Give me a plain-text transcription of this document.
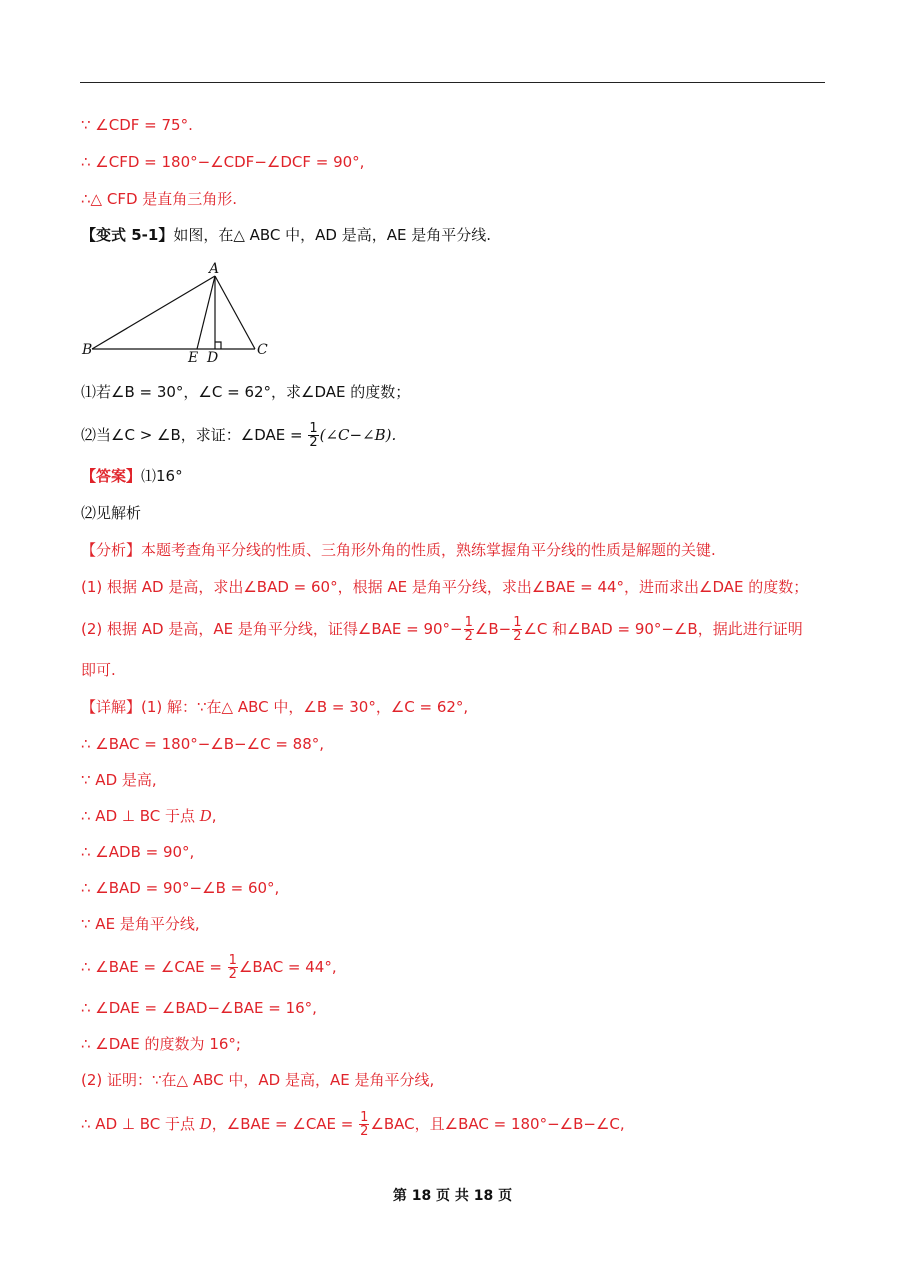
∵ ∠CDF = 75°.
∴ ∠CFD = 180°−∠CDF−∠DCF = 90°,
∴△ CFD 是直角三角形.
【变式 5-1】如图，在△ ABC 中，AD 是高，AE 是角平分线.
A
B	C
D
E
⑴若∠B = 30°，∠C = 62°，求∠DAE 的度数；
⑵当∠C > ∠B，求证：∠DAE = $\frac{1}{2}$ (∠C−∠B).
【答案】⑴16°
⑵见解析
【分析】本题考查角平分线的性质、三角形外角的性质，熟练掌握角平分线的性质是解题的关键.
(1) 根据 AD 是高，求出∠BAD = 60°，根据 AE 是角平分线，求出∠BAE = 44°，进而求出∠DAE 的度数；
(2) 根据 AD 是高，AE 是角平分线，证得∠BAE = $90^\circ- \frac{1}{2}$ ∠B− $\frac{1}{2}$ ∠C 和∠BAD = 90°−∠B，据此进行证明
即可.
【详解】(1) 解：∵在△ ABC 中，∠B = 30°，∠C = 62°,
∴ ∠BAC = 180°−∠B−∠C = 88°,
∵ AD 是高,
∴ AD ⊥ BC 于点 D,
∴ ∠ADB = 90°,
∴ ∠BAD = 90°−∠B = 60°,
∵ AE 是角平分线,
∴ ∠BAE = ∠CAE = $\frac{1}{2}$ ∠BAC = 44°,
∴ ∠DAE = ∠BAD−∠BAE = 16°,
∴ ∠DAE 的度数为 16°;
(2) 证明：∵在△ ABC 中，AD 是高，AE 是角平分线,
∴ AD ⊥ BC 于点 D，∠BAE = ∠CAE = $\frac{1}{2}$ ∠BAC，且∠BAC = 180°−∠B−∠C,
第 18 页 共 18 页
